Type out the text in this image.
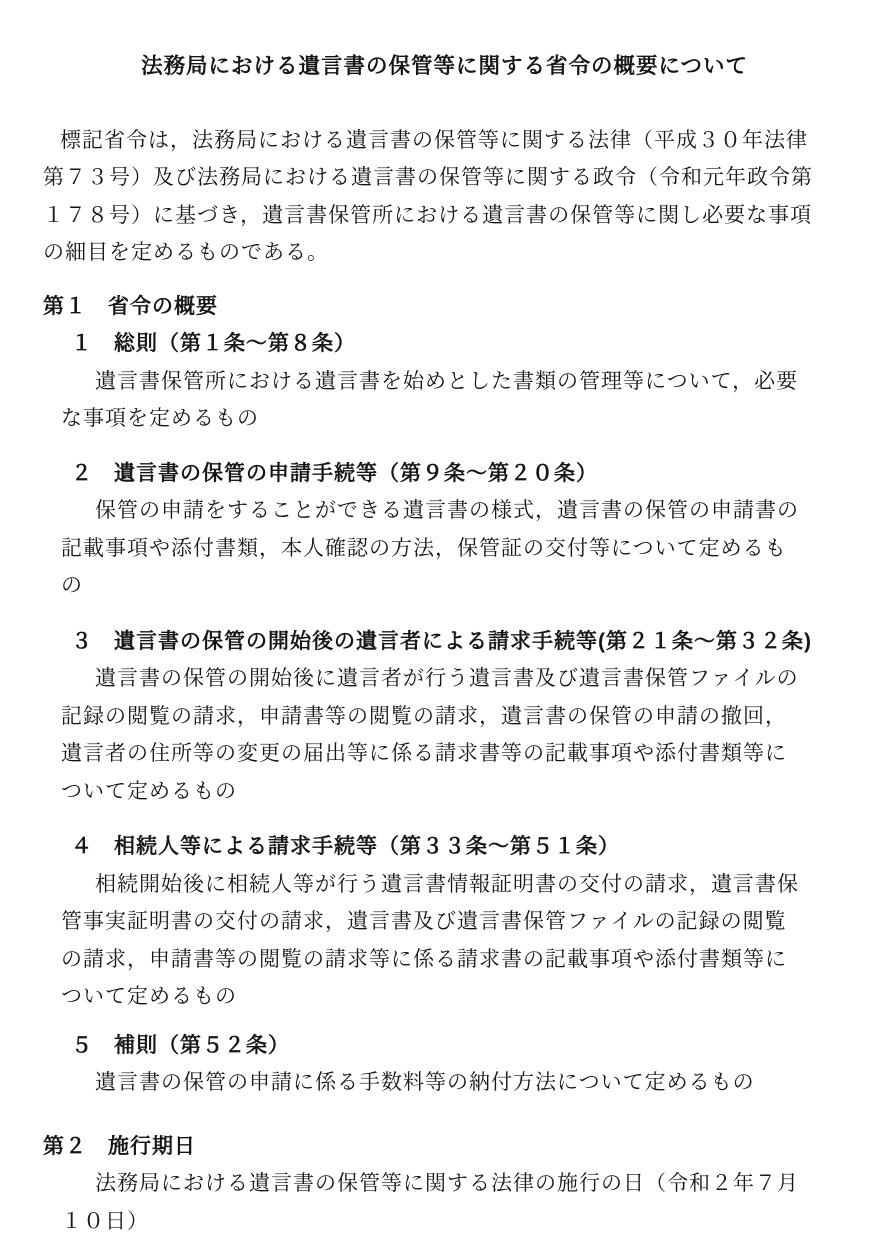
法務局における遺言書の保管等に関する省令の概要について
標記省令は，法務局における遺言書の保管等に関する法律（平成３０年法律
第７３号）及び法務局における遺言書の保管等に関する政令（令和元年政令第
１７８号）に基づき，遺言書保管所における遺言書の保管等に関し必要な事項
の細目を定めるものである。
第１ 省令の概要
１ 総則（第１条～第８条）
遺言書保管所における遺言書を始めとした書類の管理等について，必要
な事項を定めるもの
２ 遺言書の保管の申請手続等（第９条～第２０条）
保管の申請をすることができる遺言書の様式，遺言書の保管の申請書の
記載事項や添付書類，本人確認の方法，保管証の交付等について定めるも
の
３ 遺言書の保管の開始後の遺言者による請求手続等(第２１条～第３２条)
遺言書の保管の開始後に遺言者が行う遺言書及び遺言書保管ファイルの
記録の閲覧の請求，申請書等の閲覧の請求，遺言書の保管の申請の撤回，
遺言者の住所等の変更の届出等に係る請求書等の記載事項や添付書類等に
ついて定めるもの
４ 相続人等による請求手続等（第３３条～第５１条）
相続開始後に相続人等が行う遺言書情報証明書の交付の請求，遺言書保
管事実証明書の交付の請求，遺言書及び遺言書保管ファイルの記録の閲覧
の請求，申請書等の閲覧の請求等に係る請求書の記載事項や添付書類等に
ついて定めるもの
５ 補則（第５２条）
遺言書の保管の申請に係る手数料等の納付方法について定めるもの
第２ 施行期日
法務局における遺言書の保管等に関する法律の施行の日（令和２年７月
１０日）
